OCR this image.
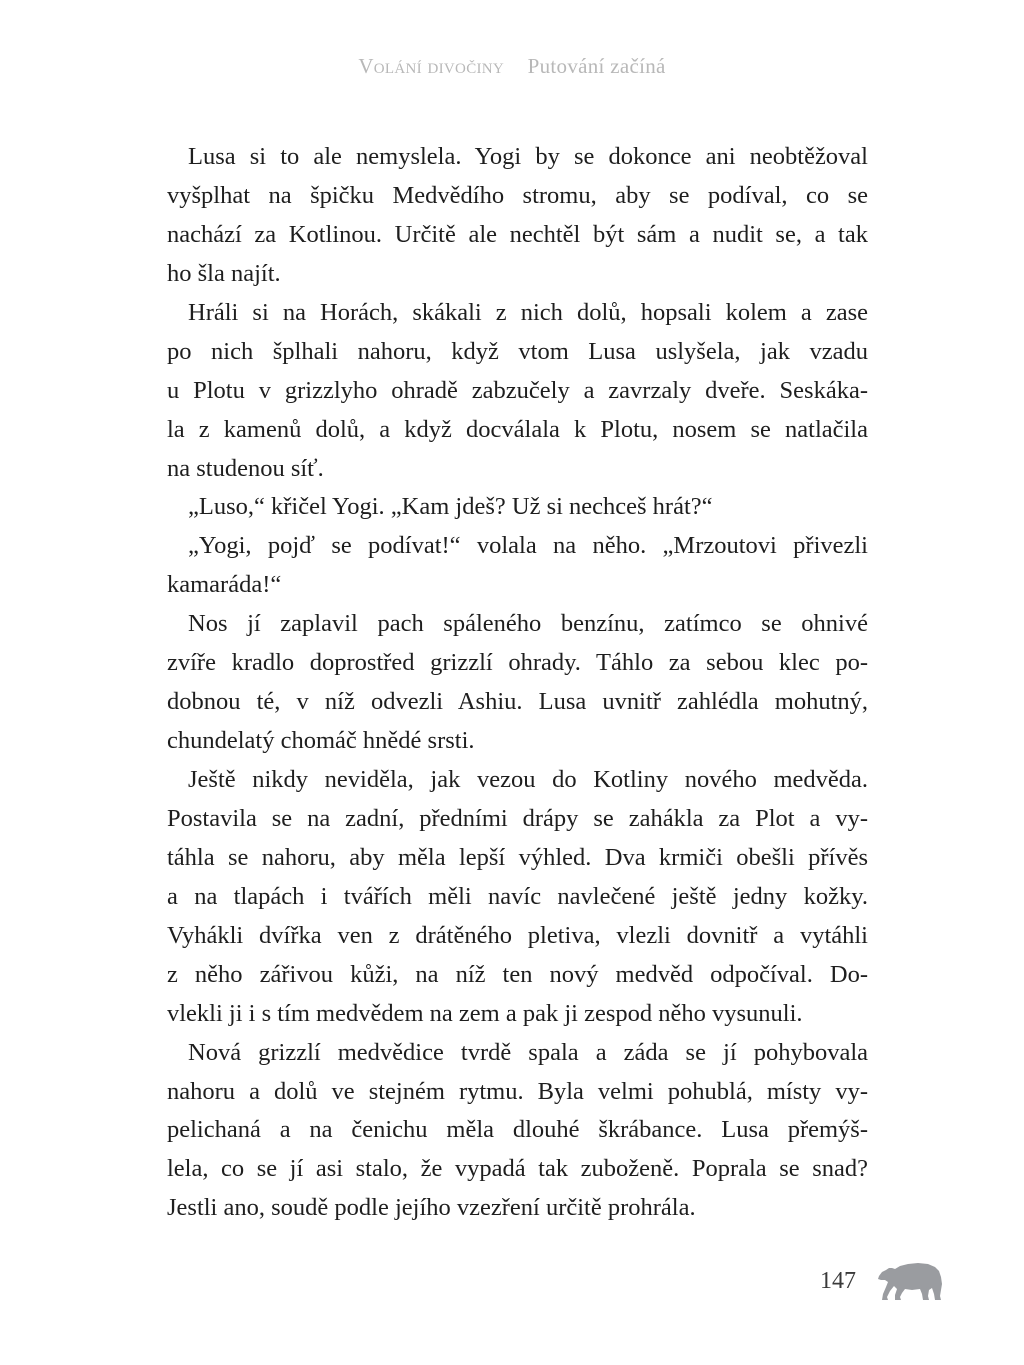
Volání divočiny Putování začíná
Lusa si to ale nemyslela. Yogi by se dokonce ani neobtěžoval
vyšplhat na špičku Medvědího stromu, aby se podíval, co se
nachází za Kotlinou. Určitě ale nechtěl být sám a nudit se, a tak
ho šla najít.
Hráli si na Horách, skákali z nich dolů, hopsali kolem a zase
po nich šplhali nahoru, když vtom Lusa uslyšela, jak vzadu
u Plotu v grizzlyho ohradě zabzučely a zavrzaly dveře. Seskáka-
la z kamenů dolů, a když docválala k Plotu, nosem se natlačila
na studenou síť.
„Luso,“ křičel Yogi. „Kam jdeš? Už si nechceš hrát?“
„Yogi, pojď se podívat!“ volala na něho. „Mrzoutovi přivezli
kamaráda!“
Nos jí zaplavil pach spáleného benzínu, zatímco se ohnivé
zvíře kradlo doprostřed grizzlí ohrady. Táhlo za sebou klec po-
dobnou té, v níž odvezli Ashiu. Lusa uvnitř zahlédla mohutný,
chundelatý chomáč hnědé srsti.
Ještě nikdy neviděla, jak vezou do Kotliny nového medvěda.
Postavila se na zadní, předními drápy se zahákla za Plot a vy-
táhla se nahoru, aby měla lepší výhled. Dva krmiči obešli přívěs
a na tlapách i tvářích měli navíc navlečené ještě jedny kožky.
Vyhákli dvířka ven z drátěného pletiva, vlezli dovnitř a vytáhli
z něho zářivou kůži, na níž ten nový medvěd odpočíval. Do-
vlekli ji i s tím medvědem na zem a pak ji zespod něho vysunuli.
Nová grizzlí medvědice tvrdě spala a záda se jí pohybovala
nahoru a dolů ve stejném rytmu. Byla velmi pohublá, místy vy-
pelichaná a na čenichu měla dlouhé škrábance. Lusa přemýš-
lela, co se jí asi stalo, že vypadá tak zuboženě. Poprala se snad?
Jestli ano, soudě podle jejího vzezření určitě prohrála.
147
